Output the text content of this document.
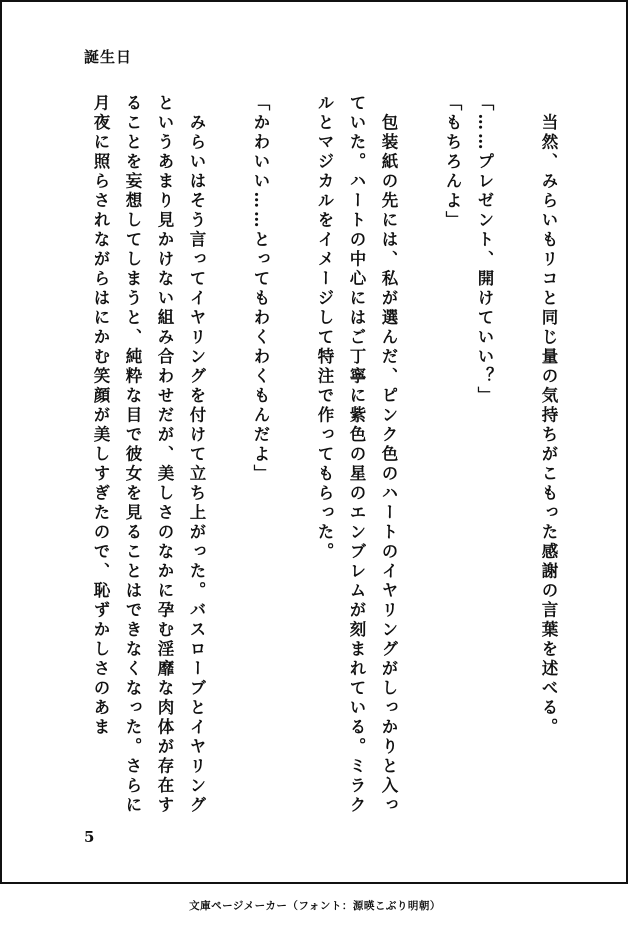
誕生日

　当然、みらいもリコと同じ量の気持ちがこもった感謝の言葉を述べる。

「……プレゼント、開けていい？」

「もちろんよ」

　包装紙の先には、私が選んだ、ピンク色のハートのイヤリングがしっかりと入っていた。ハートの中心にはご丁寧に紫色の星のエンブレムが刻まれている。ミラクルとマジカルをイメージして特注で作ってもらった。

「かわいい……とってもわくわくもんだよ」

　みらいはそう言ってイヤリングを付けて立ち上がった。バスローブとイヤリングというあまり見かけない組み合わせだが、美しさのなかに孕む淫靡な肉体が存在することを妄想してしまうと、純粋な目で彼女を見ることはできなくなった。さらに月夜に照らされながらはにかむ笑顔が美しすぎたので、恥ずかしさのあま

5
文庫ページメーカー（フォント：源暎こぶり明朝）
